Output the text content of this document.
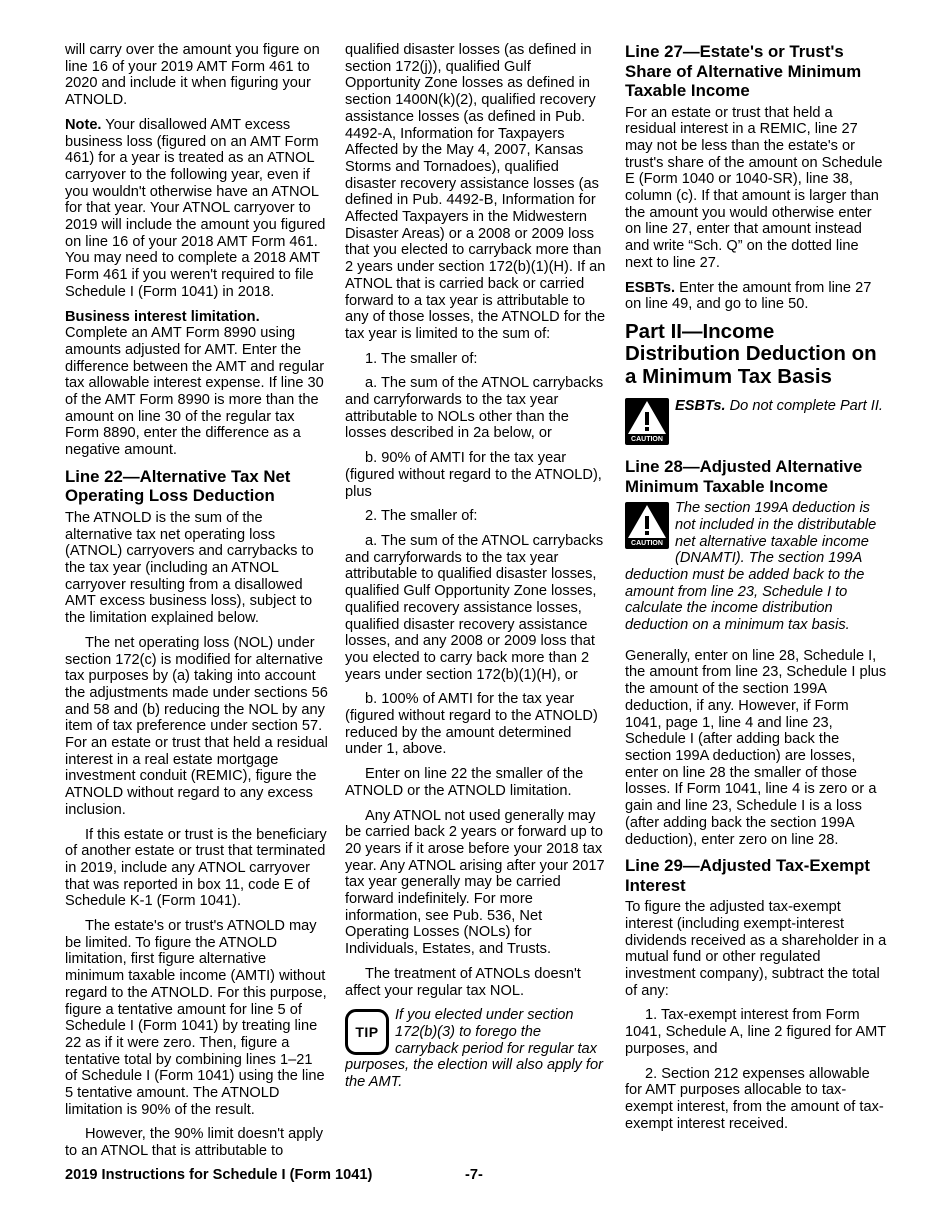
will carry over the amount you figure on line 16 of your 2019 AMT Form 461 to 2020 and include it when figuring your ATNOLD.

Note. Your disallowed AMT excess business loss (figured on an AMT Form 461) for a year is treated as an ATNOL carryover to the following year, even if you wouldn't otherwise have an ATNOL for that year. Your ATNOL carryover to 2019 will include the amount you figured on line 16 of your 2018 AMT Form 461. You may need to complete a 2018 AMT Form 461 if you weren't required to file Schedule I (Form 1041) in 2018.

Business interest limitation.
Complete an AMT Form 8990 using amounts adjusted for AMT. Enter the difference between the AMT and regular tax allowable interest expense. If line 30 of the AMT Form 8990 is more than the amount on line 30 of the regular tax Form 8890, enter the difference as a negative amount.

Line 22—Alternative Tax Net Operating Loss Deduction

The ATNOLD is the sum of the alternative tax net operating loss (ATNOL) carryovers and carrybacks to the tax year (including an ATNOL carryover resulting from a disallowed AMT excess business loss), subject to the limitation explained below.

The net operating loss (NOL) under section 172(c) is modified for alternative tax purposes by (a) taking into account the adjustments made under sections 56 and 58 and (b) reducing the NOL by any item of tax preference under section 57. For an estate or trust that held a residual interest in a real estate mortgage investment conduit (REMIC), figure the ATNOLD without regard to any excess inclusion.

If this estate or trust is the beneficiary of another estate or trust that terminated in 2019, include any ATNOL carryover that was reported in box 11, code E of Schedule K-1 (Form 1041).

The estate's or trust's ATNOLD may be limited. To figure the ATNOLD limitation, first figure alternative minimum taxable income (AMTI) without regard to the ATNOLD. For this purpose, figure a tentative amount for line 5 of Schedule I (Form 1041) by treating line 22 as if it were zero. Then, figure a tentative total by combining lines 1–21 of Schedule I (Form 1041) using the line 5 tentative amount. The ATNOLD limitation is 90% of the result.

However, the 90% limit doesn't apply to an ATNOL that is attributable to

qualified disaster losses (as defined in section 172(j)), qualified Gulf Opportunity Zone losses as defined in section 1400N(k)(2), qualified recovery assistance losses (as defined in Pub. 4492-A, Information for Taxpayers Affected by the May 4, 2007, Kansas Storms and Tornadoes), qualified disaster recovery assistance losses (as defined in Pub. 4492-B, Information for Affected Taxpayers in the Midwestern Disaster Areas) or a 2008 or 2009 loss that you elected to carryback more than 2 years under section 172(b)(1)(H). If an ATNOL that is carried back or carried forward to a tax year is attributable to any of those losses, the ATNOLD for the tax year is limited to the sum of:

1. The smaller of:

a. The sum of the ATNOL carrybacks and carryforwards to the tax year attributable to NOLs other than the losses described in 2a below, or

b. 90% of AMTI for the tax year (figured without regard to the ATNOLD), plus

2. The smaller of:

a. The sum of the ATNOL carrybacks and carryforwards to the tax year attributable to qualified disaster losses, qualified Gulf Opportunity Zone losses, qualified recovery assistance losses, qualified disaster recovery assistance losses, and any 2008 or 2009 loss that you elected to carry back more than 2 years under section 172(b)(1)(H), or

b. 100% of AMTI for the tax year (figured without regard to the ATNOLD) reduced by the amount determined under 1, above.

Enter on line 22 the smaller of the ATNOLD or the ATNOLD limitation.

Any ATNOL not used generally may be carried back 2 years or forward up to 20 years if it arose before your 2018 tax year. Any ATNOL arising after your 2017 tax year generally may be carried forward indefinitely. For more information, see Pub. 536, Net Operating Losses (NOLs) for Individuals, Estates, and Trusts.

The treatment of ATNOLs doesn't affect your regular tax NOL.

TIP

If you elected under section 172(b)(3) to forego the carryback period for regular tax purposes, the election will also apply for the AMT.

Line 27—Estate's or Trust's Share of Alternative Minimum Taxable Income

For an estate or trust that held a residual interest in a REMIC, line 27 may not be less than the estate's or trust's share of the amount on Schedule E (Form 1040 or 1040-SR), line 38, column (c). If that amount is larger than the amount you would otherwise enter on line 27, enter that amount instead and write “Sch. Q” on the dotted line next to line 27.

ESBTs. Enter the amount from line 27 on line 49, and go to line 50.

Part II—Income Distribution Deduction on a Minimum Tax Basis
CAUTION

ESBTs. Do not complete Part II.

Line 28—Adjusted Alternative Minimum Taxable Income
CAUTION

The section 199A deduction is not included in the distributable net alternative taxable income (DNAMTI). The section 199A deduction must be added back to the amount from line 23, Schedule I to calculate the income distribution deduction on a minimum tax basis.

Generally, enter on line 28, Schedule I, the amount from line 23, Schedule I plus the amount of the section 199A deduction, if any. However, if Form 1041, page 1, line 4 and line 23, Schedule I (after adding back the section 199A deduction) are losses, enter on line 28 the smaller of those losses. If Form 1041, line 4 is zero or a gain and line 23, Schedule I is a loss (after adding back the section 199A deduction), enter zero on line 28.

Line 29—Adjusted Tax-Exempt Interest

To figure the adjusted tax-exempt interest (including exempt-interest dividends received as a shareholder in a mutual fund or other regulated investment company), subtract the total of any:

1. Tax-exempt interest from Form 1041, Schedule A, line 2 figured for AMT purposes, and

2. Section 212 expenses allowable for AMT purposes allocable to tax-exempt interest, from the amount of tax-exempt interest received.

2019 Instructions for Schedule I (Form 1041)	-7-
